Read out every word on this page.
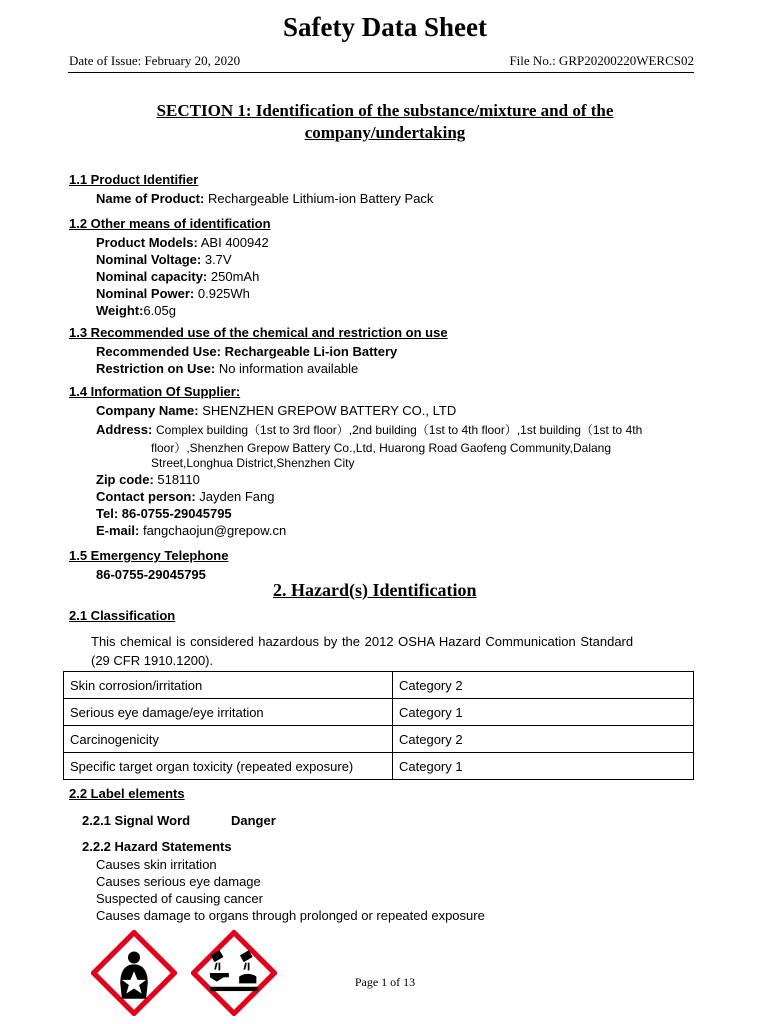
Safety Data Sheet
Date of Issue: February 20, 2020	File No.: GRP20200220WERCS02
SECTION 1: Identification of the substance/mixture and of the
company/undertaking
1.1 Product Identifier
Name of Product: Rechargeable Lithium-ion Battery Pack
1.2 Other means of identification
Product Models: ABI 400942
Nominal Voltage: 3.7V
Nominal capacity: 250mAh
Nominal Power: 0.925Wh
Weight:6.05g
1.3 Recommended use of the chemical and restriction on use
Recommended Use: Rechargeable Li-ion Battery
Restriction on Use: No information available
1.4 Information Of Supplier:
Company Name: SHENZHEN GREPOW BATTERY CO., LTD
Address: Complex building（1st to 3rd floor）,2nd building（1st to 4th floor）,1st building（1st to 4th
floor）,Shenzhen Grepow Battery Co.,Ltd, Huarong Road Gaofeng Community,Dalang
Street,Longhua District,Shenzhen City
Zip code: 518110
Contact person: Jayden Fang
Tel: 86-0755-29045795
E-mail: fangchaojun@grepow.cn
1.5 Emergency Telephone
86-0755-29045795
2. Hazard(s) Identification
2.1 Classification
This chemical is considered hazardous by the 2012 OSHA Hazard Communication Standard
(29 CFR 1910.1200).
Skin corrosion/irritation	Category 2
Serious eye damage/eye irritation	Category 1
Carcinogenicity	Category 2
Specific target organ toxicity (repeated exposure)	Category 1
2.2 Label elements
2.2.1 Signal Word	Danger
2.2.2 Hazard Statements
Causes skin irritation
Causes serious eye damage
Suspected of causing cancer
Causes damage to organs through prolonged or repeated exposure
Page 1 of 13
